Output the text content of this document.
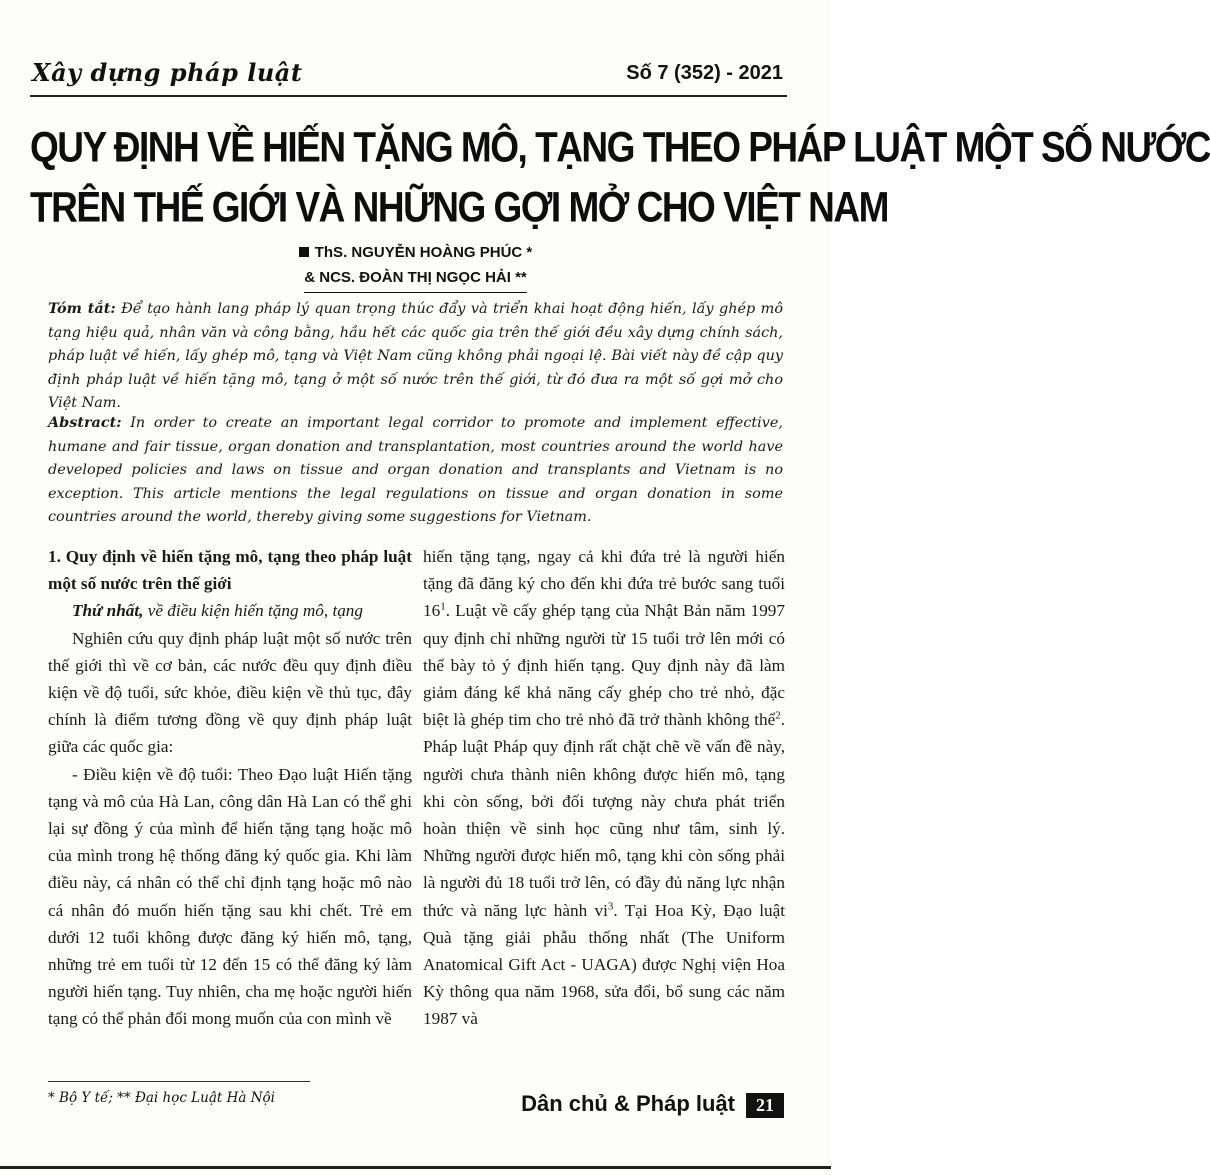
Xây dựng pháp luật	Số 7 (352) - 2021
QUY ĐỊNH VỀ HIẾN TẶNG MÔ, TẠNG THEO PHÁP LUẬT MỘT SỐ NƯỚC
TRÊN THẾ GIỚI VÀ NHỮNG GỢI MỞ CHO VIỆT NAM
ThS. NGUYỄN HOÀNG PHÚC *
& NCS. ĐOÀN THỊ NGỌC HẢI **
Tóm tắt: Để tạo hành lang pháp lý quan trọng thúc đẩy và triển khai hoạt động hiến, lấy ghép mô tạng hiệu quả, nhân văn và công bằng, hầu hết các quốc gia trên thế giới đều xây dựng chính sách, pháp luật về hiến, lấy ghép mô, tạng và Việt Nam cũng không phải ngoại lệ. Bài viết này đề cập quy định pháp luật về hiến tặng mô, tạng ở một số nước trên thế giới, từ đó đưa ra một số gợi mở cho Việt Nam.
Abstract: In order to create an important legal corridor to promote and implement effective, humane and fair tissue, organ donation and transplantation, most countries around the world have developed policies and laws on tissue and organ donation and transplants and Vietnam is no exception. This article mentions the legal regulations on tissue and organ donation in some countries around the world, thereby giving some suggestions for Vietnam.

1. Quy định về hiến tặng mô, tạng theo pháp luật một số nước trên thế giới

Thứ nhất, về điều kiện hiến tặng mô, tạng

Nghiên cứu quy định pháp luật một số nước trên thế giới thì về cơ bản, các nước đều quy định điều kiện về độ tuổi, sức khỏe, điều kiện về thủ tục, đây chính là điểm tương đồng về quy định pháp luật giữa các quốc gia:

- Điều kiện về độ tuổi: Theo Đạo luật Hiến tặng tạng và mô của Hà Lan, công dân Hà Lan có thể ghi lại sự đồng ý của mình để hiến tặng tạng hoặc mô của mình trong hệ thống đăng ký quốc gia. Khi làm điều này, cá nhân có thể chỉ định tạng hoặc mô nào cá nhân đó muốn hiến tặng sau khi chết. Trẻ em dưới 12 tuổi không được đăng ký hiến mô, tạng, những trẻ em tuổi từ 12 đến 15 có thể đăng ký làm người hiến tạng. Tuy nhiên, cha mẹ hoặc người hiến tạng có thể phản đối mong muốn của con mình về

hiến tặng tạng, ngay cả khi đứa trẻ là người hiến tặng đã đăng ký cho đến khi đứa trẻ bước sang tuổi $16^1$. Luật về cấy ghép tạng của Nhật Bản năm 1997 quy định chỉ những người từ 15 tuổi trở lên mới có thể bày tỏ ý định hiến tạng. Quy định này đã làm giảm đáng kể khả năng cấy ghép cho trẻ nhỏ, đặc biệt là ghép tim cho trẻ nhỏ đã trở thành không thể$^2$. Pháp luật Pháp quy định rất chặt chẽ về vấn đề này, người chưa thành niên không được hiến mô, tạng khi còn sống, bởi đối tượng này chưa phát triển hoàn thiện về sinh học cũng như tâm, sinh lý. Những người được hiến mô, tạng khi còn sống phải là người đủ 18 tuổi trở lên, có đầy đủ năng lực nhận thức và năng lực hành $vi^3$. Tại Hoa Kỳ, Đạo luật Quà tặng giải phẫu thống nhất (The Uniform Anatomical Gift Act - UAGA) được Nghị viện Hoa Kỳ thông qua năm 1968, sửa đổi, bổ sung các năm 1987 và

* Bộ Y tế; ** Đại học Luật Hà Nội	Dân chủ & Pháp luật	21
